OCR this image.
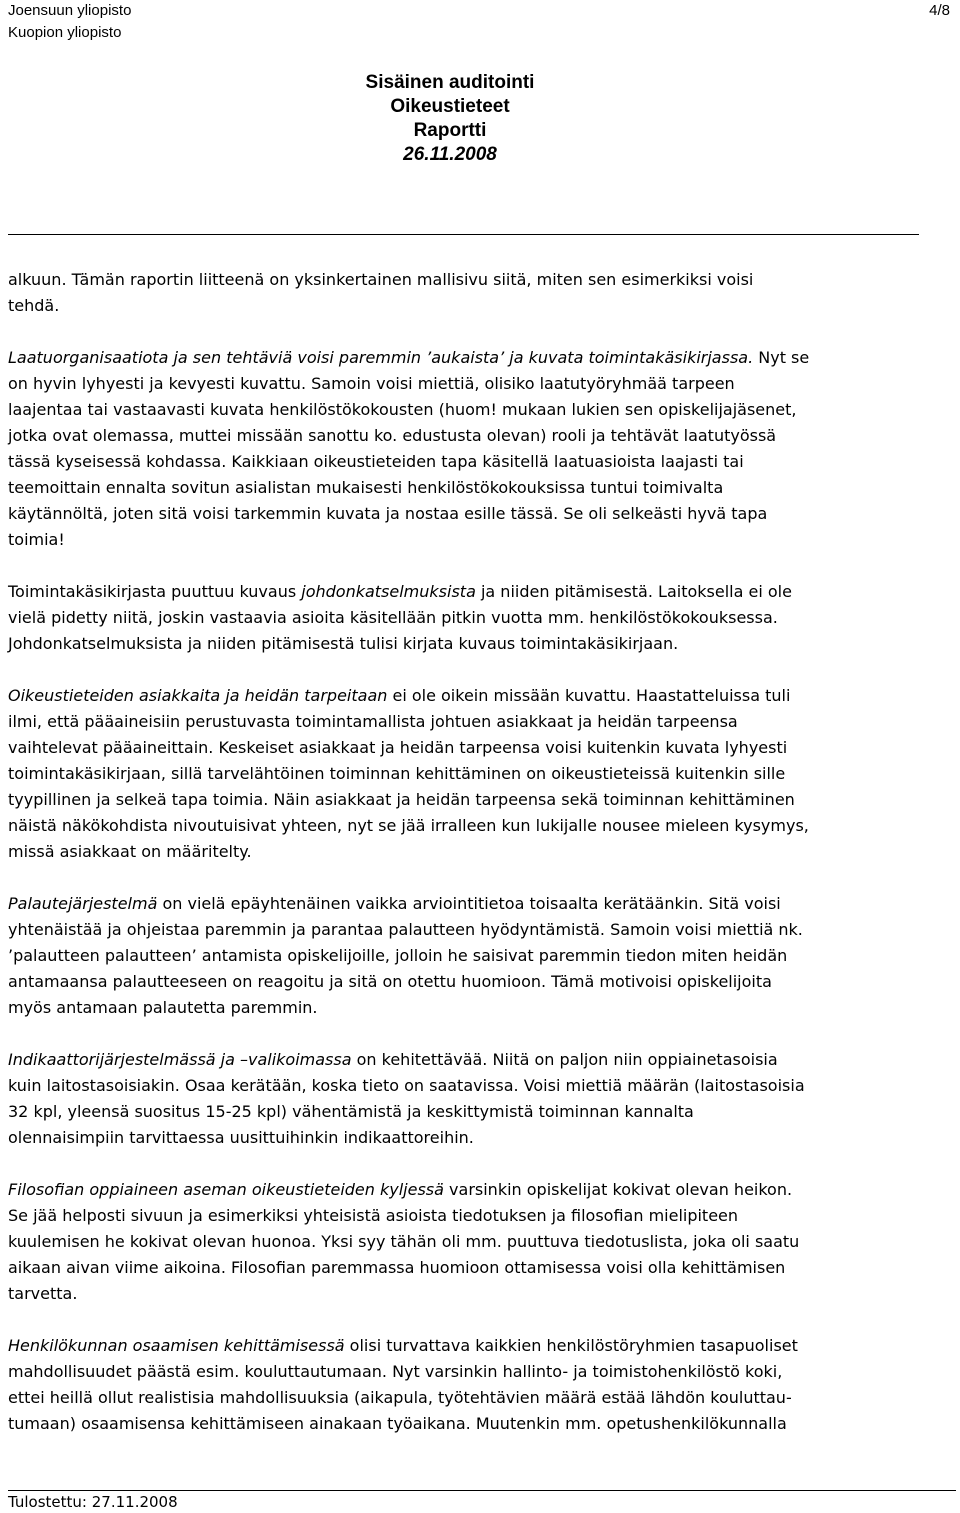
Joensuun yliopisto
Kuopion yliopisto
4/8
Sisäinen auditointi
Oikeustieteet
Raportti
26.11.2008

alkuun. Tämän raportin liitteenä on yksinkertainen mallisivu siitä, miten sen esimerkiksi voisi
tehdä.

Laatuorganisaatiota ja sen tehtäviä voisi paremmin ’aukaista’ ja kuvata toimintakäsikirjassa. Nyt se
on hyvin lyhyesti ja kevyesti kuvattu. Samoin voisi miettiä, olisiko laatutyöryhmää tarpeen
laajentaa tai vastaavasti kuvata henkilöstökokousten (huom! mukaan lukien sen opiskelijajäsenet,
jotka ovat olemassa, muttei missään sanottu ko. edustusta olevan) rooli ja tehtävät laatutyössä
tässä kyseisessä kohdassa. Kaikkiaan oikeustieteiden tapa käsitellä laatuasioista laajasti tai
teemoittain ennalta sovitun asialistan mukaisesti henkilöstökokouksissa tuntui toimivalta
käytännöltä, joten sitä voisi tarkemmin kuvata ja nostaa esille tässä. Se oli selkeästi hyvä tapa
toimia!

Toimintakäsikirjasta puuttuu kuvaus johdonkatselmuksista ja niiden pitämisestä. Laitoksella ei ole
vielä pidetty niitä, joskin vastaavia asioita käsitellään pitkin vuotta mm. henkilöstökokouksessa.
Johdonkatselmuksista ja niiden pitämisestä tulisi kirjata kuvaus toimintakäsikirjaan.

Oikeustieteiden asiakkaita ja heidän tarpeitaan ei ole oikein missään kuvattu. Haastatteluissa tuli
ilmi, että pääaineisiin perustuvasta toimintamallista johtuen asiakkaat ja heidän tarpeensa
vaihtelevat pääaineittain. Keskeiset asiakkaat ja heidän tarpeensa voisi kuitenkin kuvata lyhyesti
toimintakäsikirjaan, sillä tarvelähtöinen toiminnan kehittäminen on oikeustieteissä kuitenkin sille
tyypillinen ja selkeä tapa toimia. Näin asiakkaat ja heidän tarpeensa sekä toiminnan kehittäminen
näistä näkökohdista nivoutuisivat yhteen, nyt se jää irralleen kun lukijalle nousee mieleen kysymys,
missä asiakkaat on määritelty.

Palautejärjestelmä on vielä epäyhtenäinen vaikka arviointitietoa toisaalta kerätäänkin. Sitä voisi
yhtenäistää ja ohjeistaa paremmin ja parantaa palautteen hyödyntämistä. Samoin voisi miettiä nk.
’palautteen palautteen’ antamista opiskelijoille, jolloin he saisivat paremmin tiedon miten heidän
antamaansa palautteeseen on reagoitu ja sitä on otettu huomioon. Tämä motivoisi opiskelijoita
myös antamaan palautetta paremmin.

Indikaattorijärjestelmässä ja –valikoimassa on kehitettävää. Niitä on paljon niin oppiainetasoisia
kuin laitostasoisiakin. Osaa kerätään, koska tieto on saatavissa. Voisi miettiä määrän (laitostasoisia
32 kpl, yleensä suositus 15-25 kpl) vähentämistä ja keskittymistä toiminnan kannalta
olennaisimpiin tarvittaessa uusittuihinkin indikaattoreihin.

Filosofian oppiaineen aseman oikeustieteiden kyljessä varsinkin opiskelijat kokivat olevan heikon.
Se jää helposti sivuun ja esimerkiksi yhteisistä asioista tiedotuksen ja filosofian mielipiteen
kuulemisen he kokivat olevan huonoa. Yksi syy tähän oli mm. puuttuva tiedotuslista, joka oli saatu
aikaan aivan viime aikoina. Filosofian paremmassa huomioon ottamisessa voisi olla kehittämisen
tarvetta.

Henkilökunnan osaamisen kehittämisessä olisi turvattava kaikkien henkilöstöryhmien tasapuoliset
mahdollisuudet päästä esim. kouluttautumaan. Nyt varsinkin hallinto- ja toimistohenkilöstö koki,
ettei heillä ollut realistisia mahdollisuuksia (aikapula, työtehtävien määrä estää lähdön kouluttau-
tumaan) osaamisensa kehittämiseen ainakaan työaikana. Muutenkin mm. opetushenkilökunnalla

Tulostettu: 27.11.2008
